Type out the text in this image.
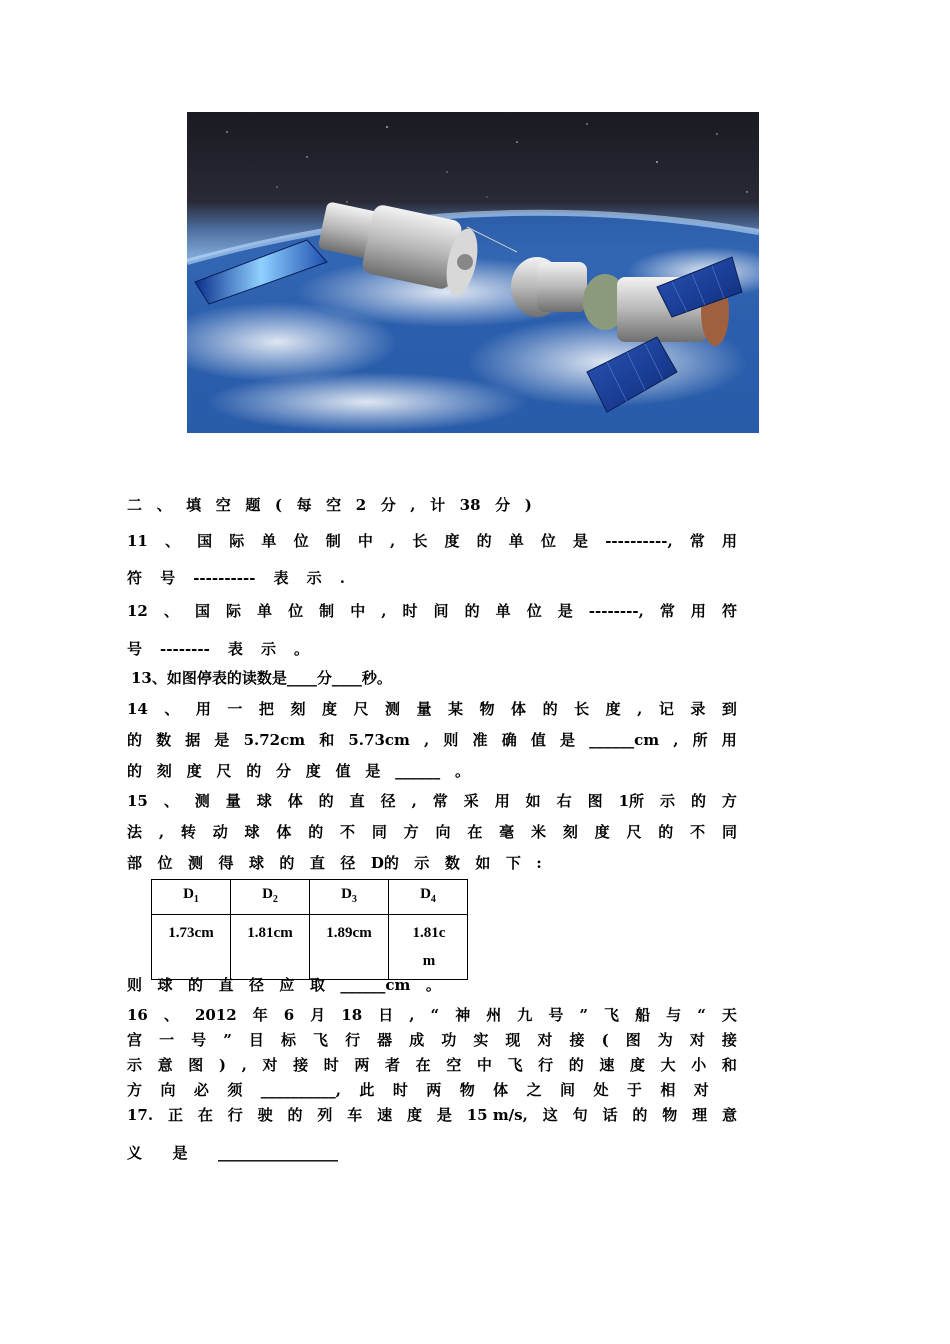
二 、 填 空 题 ( 每 空 2 分 , 计 38 分 )
11 、 国 际 单 位 制 中 , 长 度 的 单 位 是 ----------, 常 用
符 号 ---------- 表 示 .
12 、 国 际 单 位 制 中 , 时 间 的 单 位 是 --------, 常 用 符
号 -------- 表 示 。
13、如图停表的读数是____分____秒。
14 、 用 一 把 刻 度 尺 测 量 某 物 体 的 长 度 , 记 录 到
的 数 据 是 5.72cm 和 5.73cm , 则 准 确 值 是 ______cm , 所 用
的 刻 度 尺 的 分 度 值 是 ______ 。
15 、 测 量 球 体 的 直 径 , 常 采 用 如 右 图 1所 示 的 方
法 , 转 动 球 体 的 不 同 方 向 在 毫 米 刻 度 尺 的 不 同
部 位 测 得 球 的 直 径 D的 示 数 如 下 :
$D_1$	$D_2$	$D_3$	$D_4$
1.73cm	1.81cm	1.89cm	1.81cm
则 球 的 直 径 应 取 ______cm 。
16 、 2012 年 6 月 18 日 , “ 神 州 九 号 ” 飞 船 与 “ 天
宫 一 号 ” 目 标 飞 行 器 成 功 实 现 对 接 ( 图 为 对 接
示 意 图 ) , 对 接 时 两 者 在 空 中 飞 行 的 速 度 大 小 和
方 向 必 须 __________, 此 时 两 物 体 之 间 处 于 相 对
17. 正 在 行 驶 的 列 车 速 度 是 15 m/s, 这 句 话 的 物 理 意
义 是 ________________
